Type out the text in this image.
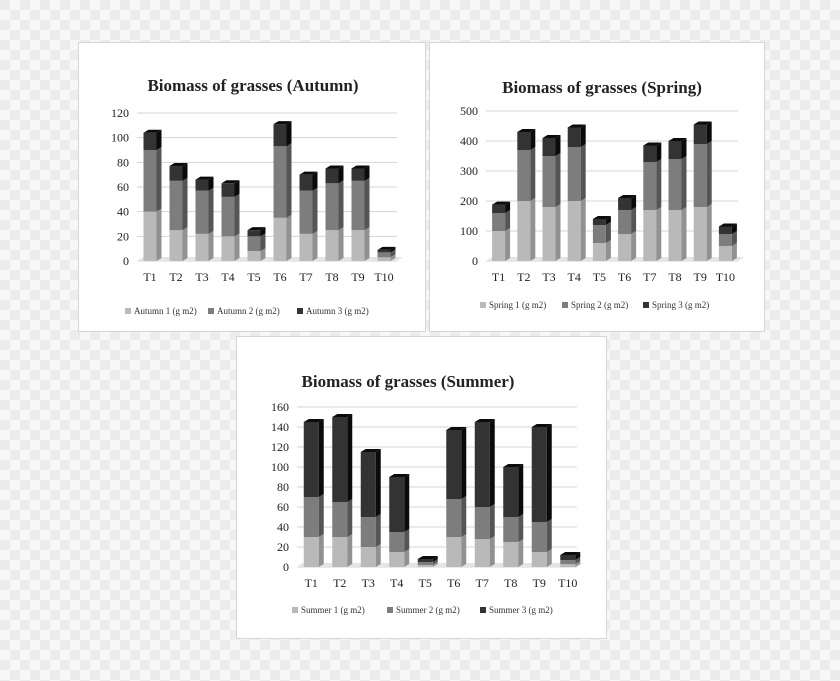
Biomass of grasses (Autumn)
0
20
40
60
80
100
120
T1 T2 T3 T4 T5 T6 T7 T8 T9 T10
Autumn 1 (g m2) Autumn 2 (g m2)	Autumn 3 (g m2)
Biomass of grasses (Spring)
0
100
200
300
400
500
T1 T2 T3 T4 T5 T6 T7 T8 T9 T10
Spring 1 (g m2)	Spring 2 (g m2)	Spring 3 (g m2)
Biomass of grasses (Summer)
0
20
40
60
80
100
120
140
160
T1 T2 T3 T4 T5 T6 T7 T8 T9 T10
Summer 1 (g m2)	Summer 2 (g m2)	Summer 3 (g m2)
